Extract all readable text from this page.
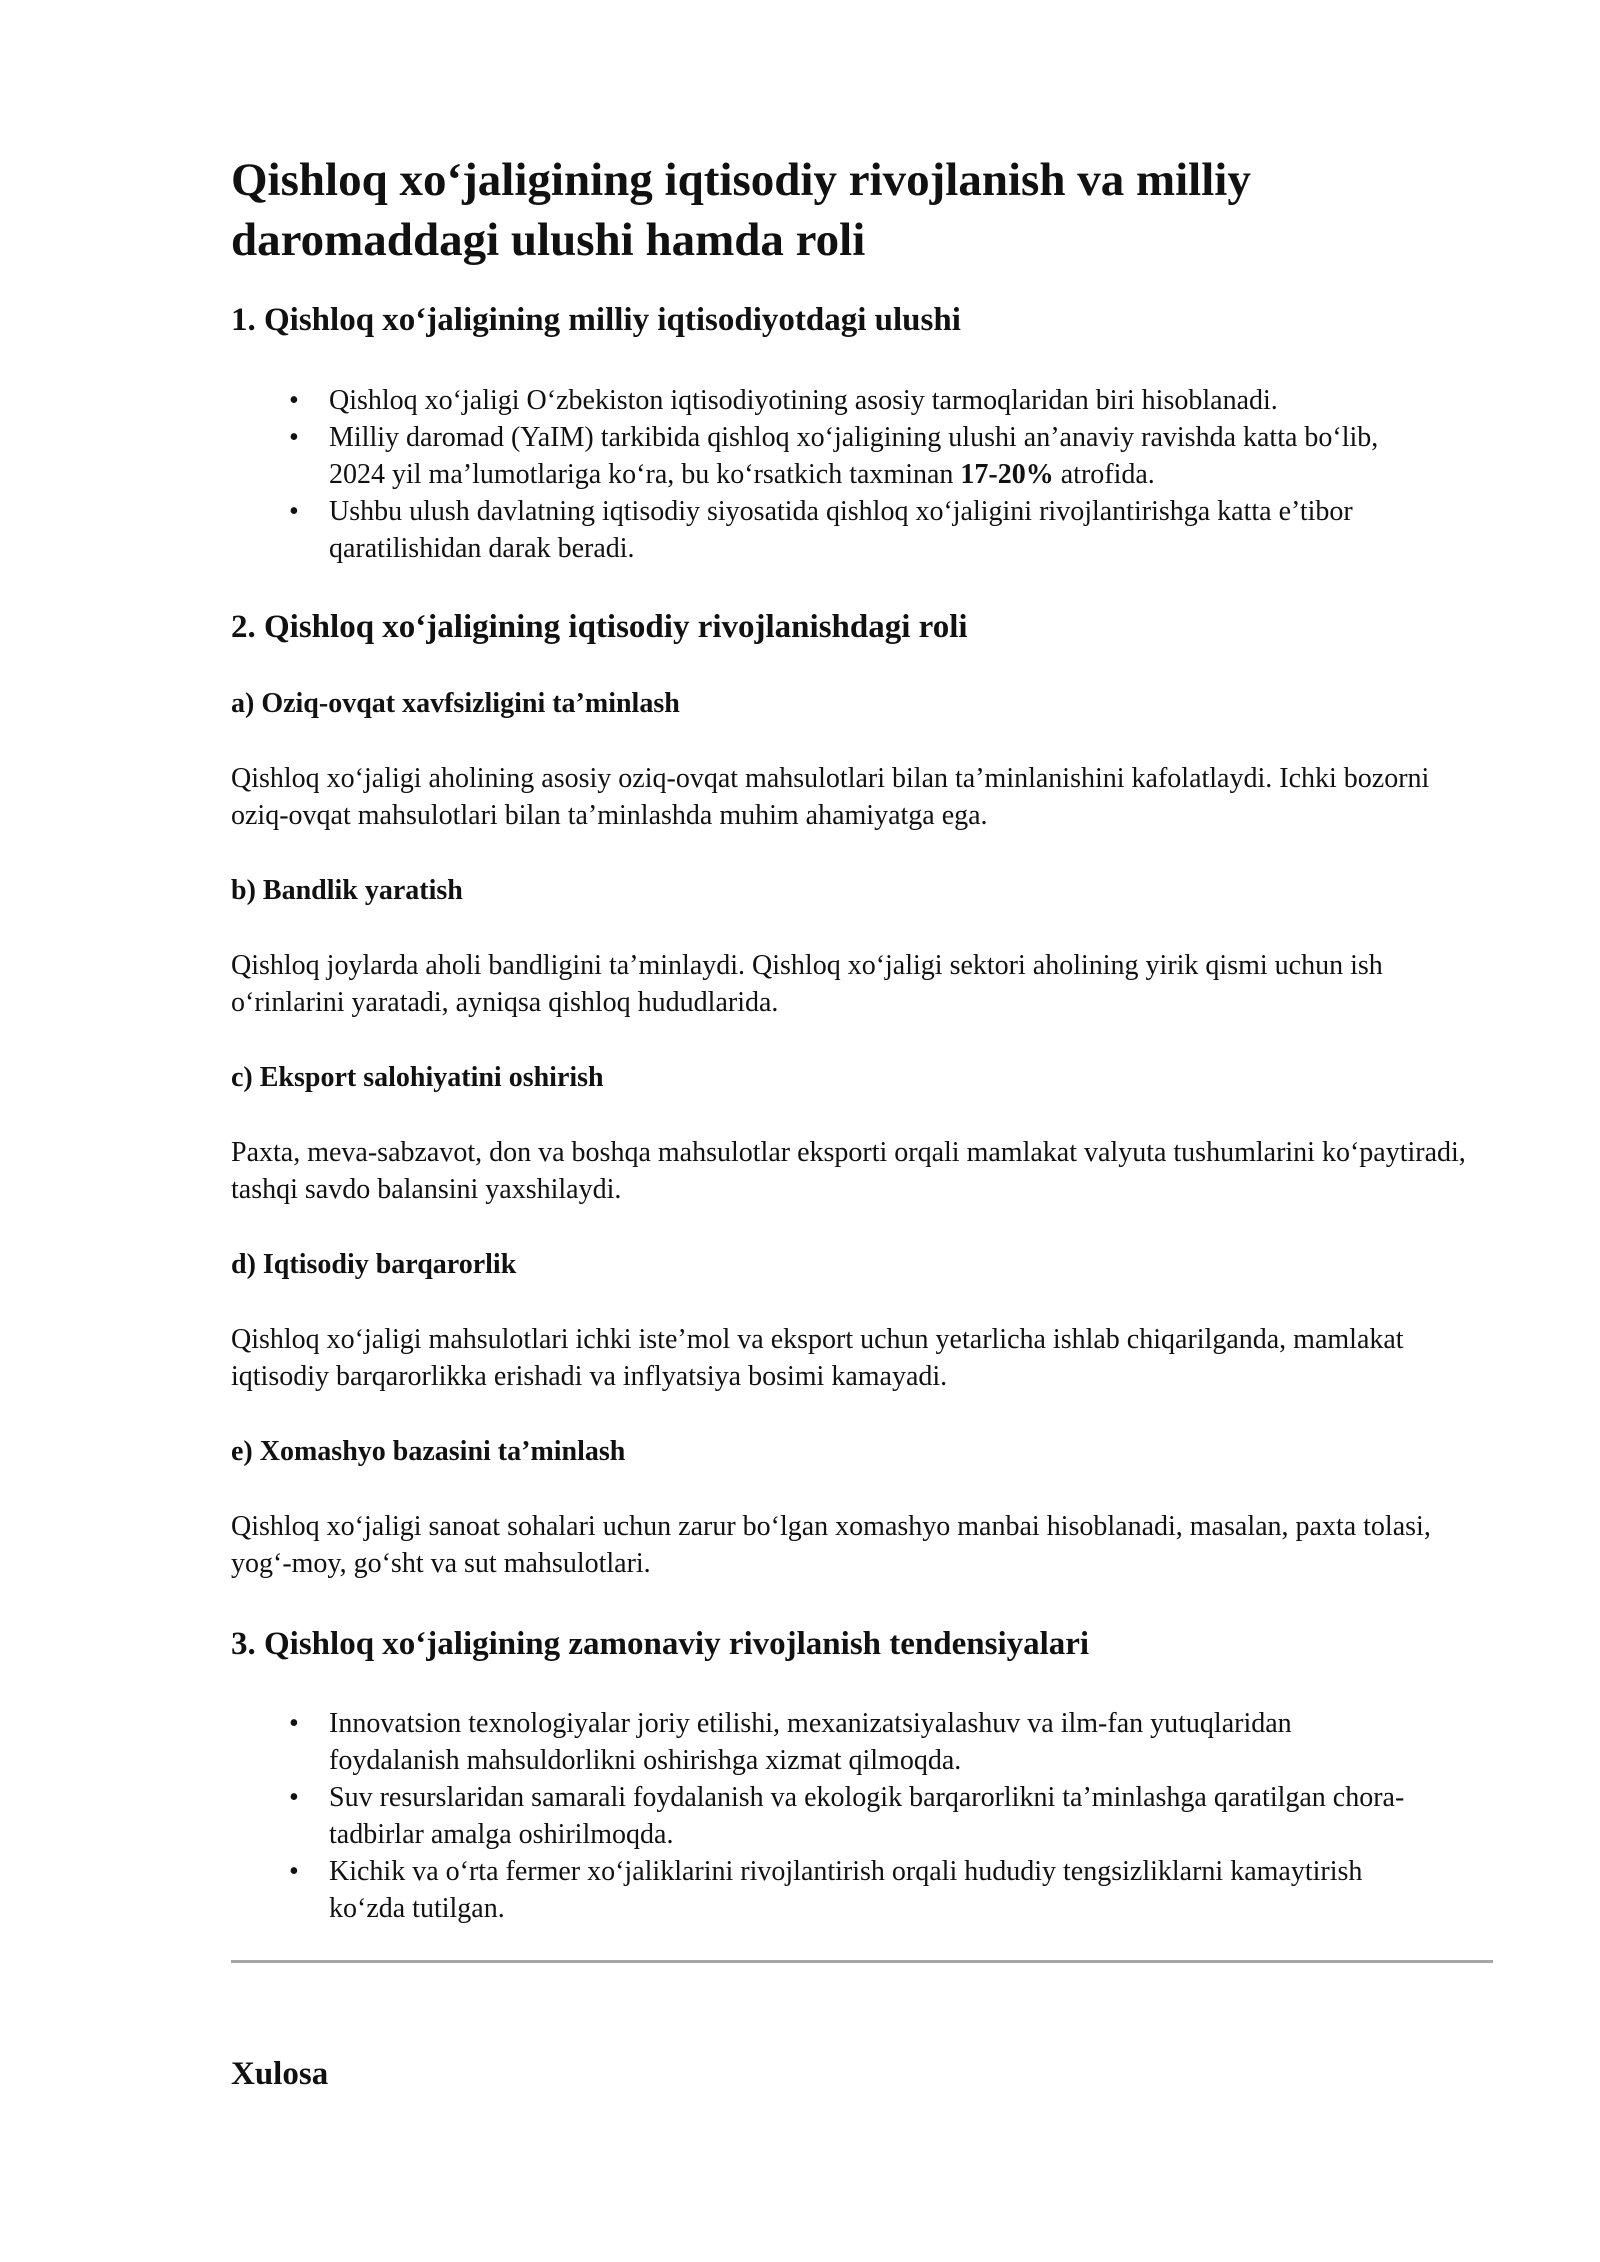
Qishloq xo‘jaligining iqtisodiy rivojlanish va milliy daromaddagi ulushi hamda roli
1. Qishloq xo‘jaligining milliy iqtisodiyotdagi ulushi
• Qishloq xo‘jaligi O‘zbekiston iqtisodiyotining asosiy tarmoqlaridan biri hisoblanadi.
• Milliy daromad (YaIM) tarkibida qishloq xo‘jaligining ulushi an’anaviy ravishda katta bo‘lib, 2024 yil ma’lumotlariga ko‘ra, bu ko‘rsatkich taxminan 17-20% atrofida.
• Ushbu ulush davlatning iqtisodiy siyosatida qishloq xo‘jaligini rivojlantirishga katta e’tibor qaratilishidan darak beradi.
2. Qishloq xo‘jaligining iqtisodiy rivojlanishdagi roli
a) Oziq-ovqat xavfsizligini ta’minlash

Qishloq xo‘jaligi aholining asosiy oziq-ovqat mahsulotlari bilan ta’minlanishini kafolatlaydi. Ichki bozorni oziq-ovqat mahsulotlari bilan ta’minlashda muhim ahamiyatga ega.

b) Bandlik yaratish

Qishloq joylarda aholi bandligini ta’minlaydi. Qishloq xo‘jaligi sektori aholining yirik qismi uchun ish o‘rinlarini yaratadi, ayniqsa qishloq hududlarida.

c) Eksport salohiyatini oshirish

Paxta, meva-sabzavot, don va boshqa mahsulotlar eksporti orqali mamlakat valyuta tushumlarini ko‘paytiradi, tashqi savdo balansini yaxshilaydi.

d) Iqtisodiy barqarorlik

Qishloq xo‘jaligi mahsulotlari ichki iste’mol va eksport uchun yetarlicha ishlab chiqarilganda, mamlakat iqtisodiy barqarorlikka erishadi va inflyatsiya bosimi kamayadi.

e) Xomashyo bazasini ta’minlash

Qishloq xo‘jaligi sanoat sohalari uchun zarur bo‘lgan xomashyo manbai hisoblanadi, masalan, paxta tolasi, yog‘-moy, go‘sht va sut mahsulotlari.

3. Qishloq xo‘jaligining zamonaviy rivojlanish tendensiyalari
• Innovatsion texnologiyalar joriy etilishi, mexanizatsiyalashuv va ilm-fan yutuqlaridan foydalanish mahsuldorlikni oshirishga xizmat qilmoqda.
• Suv resurslaridan samarali foydalanish va ekologik barqarorlikni ta’minlashga qaratilgan chora-tadbirlar amalga oshirilmoqda.
• Kichik va o‘rta fermer xo‘jaliklarini rivojlantirish orqali hududiy tengsizliklarni kamaytirish ko‘zda tutilgan.
Xulosa
